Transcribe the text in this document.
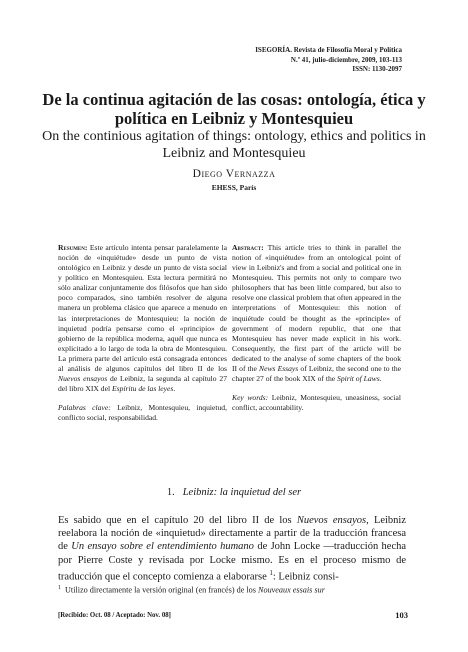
ISEGORÍA. Revista de Filosofía Moral y Política
N.º 41, julio-diciembre, 2009, 103-113
ISSN: 1130-2097
De la continua agitación de las cosas: ontología, ética y política en Leibniz y Montesquieu
On the continious agitation of things: ontology, ethics and politics in Leibniz and Montesquieu
Diego Vernazza
EHESS, París

Resumen: Este artículo intenta pensar paralelamente la noción de «inquiétude» desde un punto de vista ontológico en Leibniz y desde un punto de vista social y político en Montesquieu. Esta lectura permitirá no sólo analizar conjuntamente dos filósofos que han sido poco comparados, sino también resolver de alguna manera un problema clásico que aparece a menudo en las interpretaciones de Montesquieu: la noción de inquietud podría pensarse como el «principio» de gobierno de la república moderna, aquél que nunca es explicitado a lo largo de toda la obra de Montesquieu. La primera parte del artículo está consagrada entonces al análisis de algunos capítulos del libro II de los Nuevos ensayos de Leibniz, la segunda al capítulo 27 del libro XIX del Espíritu de las leyes.

Palabras clave: Leibniz, Montesquieu, inquietud, conflicto social, responsabilidad.

Abstract: This article tries to think in parallel the notion of «inquiétude» from an ontological point of view in Leibniz's and from a social and political one in Montesquieu. This permits not only to compare two philosophers that has been little compared, but also to resolve one classical problem that often appeared in the interpretations of Montesquieu: this notion of inquiétude could be thought as the «principle» of government of modern republic, that one that Montesquieu has never made explicit in his work. Consequently, the first part of the article will be dedicated to the analyse of some chapters of the book II of the News Essays of Leibniz, the second one to the chapter 27 of the book XIX of the Spirit of Laws.

Key words: Leibniz, Montesquieu, uneasiness, social conflict, accountability.

1. Leibniz: la inquietud del ser

Es sabido que en el capítulo 20 del libro II de los Nuevos ensayos, Leibniz reelabora la noción de «inquietud» directamente a partir de la traducción francesa de Un ensayo sobre el entendimiento humano de John Locke —traducción hecha por Pierre Coste y revisada por Locke mismo. Es en el proceso mismo de traducción que el concepto comienza a elaborarse $^1$: Leibniz consi-

$^1$ Utilizo directamente la versión original (en francés) de los Nouveaux essais sur
[Recibido: Oct. 08 / Aceptado: Nov. 08]	103
